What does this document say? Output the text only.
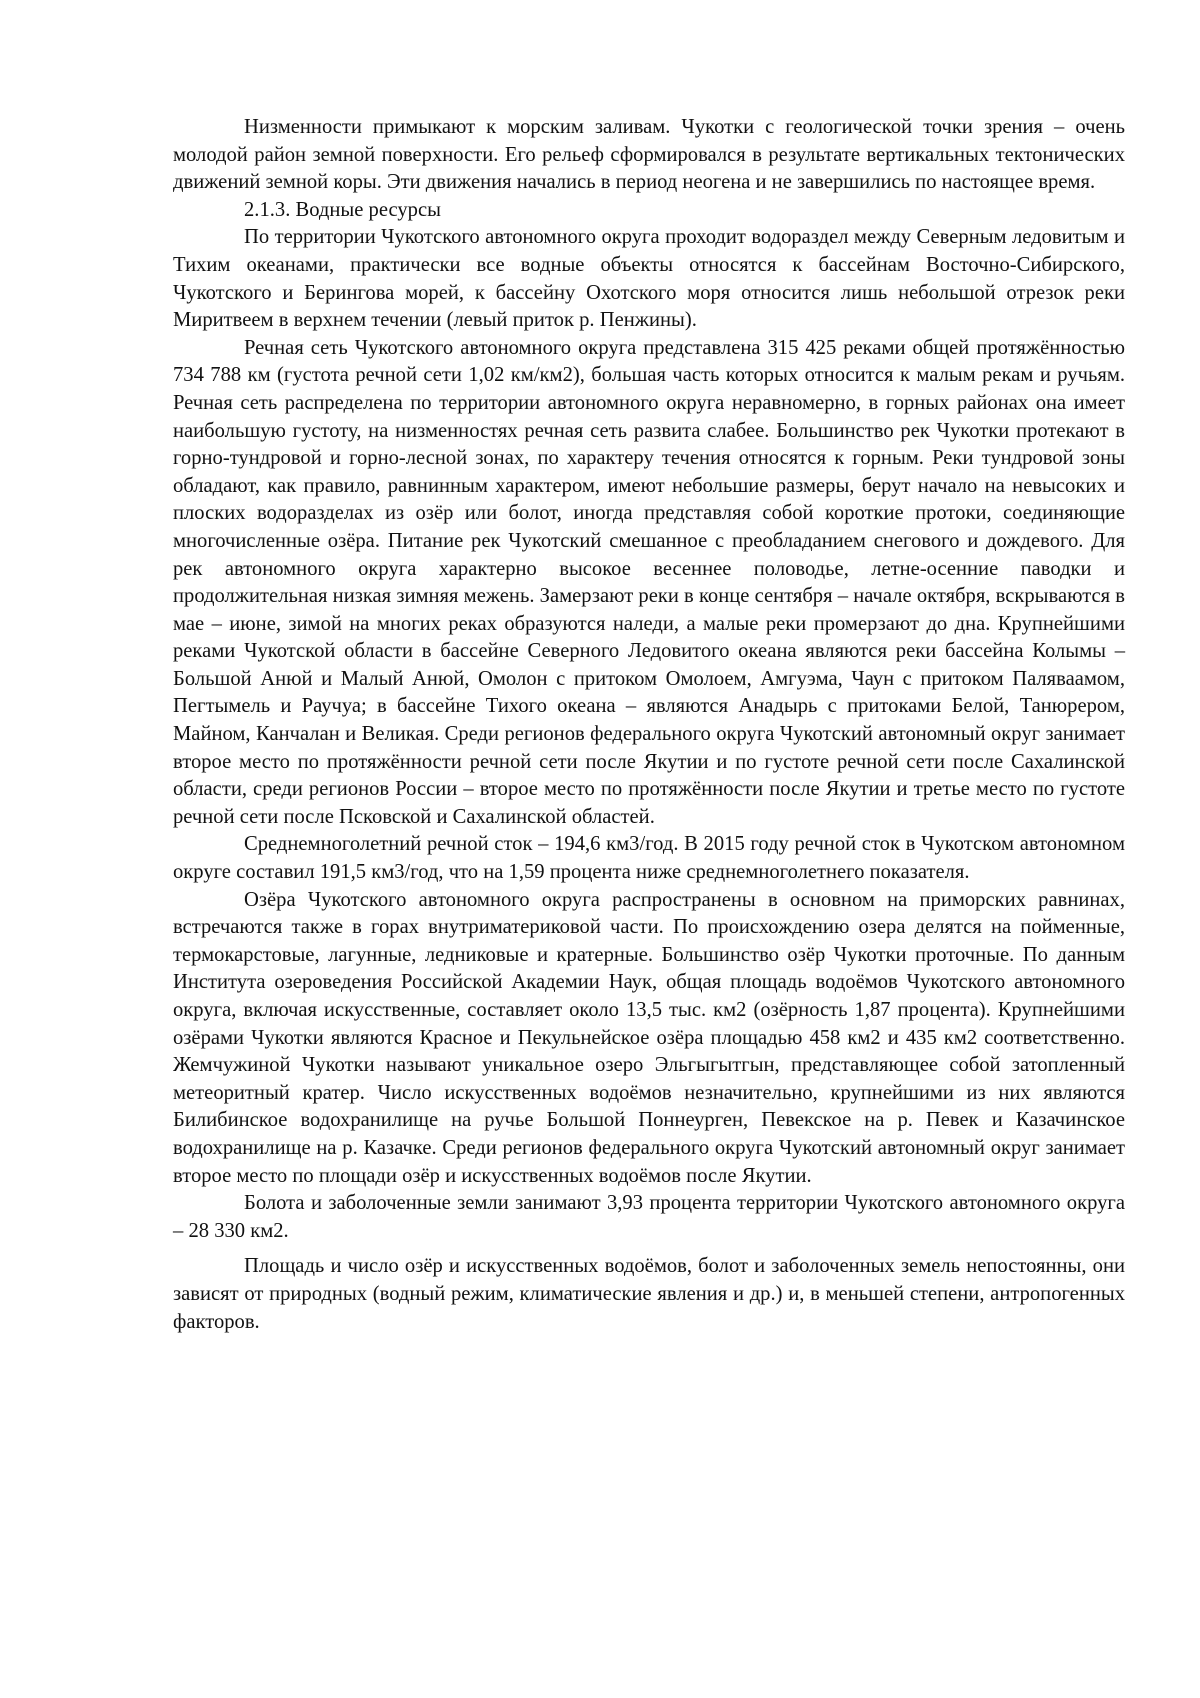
Низменности примыкают к морским заливам. Чукотки с геологической точки зрения – очень молодой район земной поверхности. Его рельеф сформировался в результате вертикальных тектонических движений земной коры. Эти движения начались в период неогена и не завершились по настоящее время.

2.1.3. Водные ресурсы

По территории Чукотского автономного округа проходит водораздел между Северным ледовитым и Тихим океанами, практически все водные объекты относятся к бассейнам Восточно-Сибирского, Чукотского и Берингова морей, к бассейну Охотского моря относится лишь небольшой отрезок реки Миритвеем в верхнем течении (левый приток р. Пенжины).

Речная сеть Чукотского автономного округа представлена 315 425 реками общей протяжённостью 734 788 км (густота речной сети 1,02 км/км2), большая часть которых относится к малым рекам и ручьям. Речная сеть распределена по территории автономного округа неравномерно, в горных районах она имеет наибольшую густоту, на низменностях речная сеть развита слабее. Большинство рек Чукотки протекают в горно-тундровой и горно-лесной зонах, по характеру течения относятся к горным. Реки тундровой зоны обладают, как правило, равнинным характером, имеют небольшие размеры, берут начало на невысоких и плоских водоразделах из озёр или болот, иногда представляя собой короткие протоки, соединяющие многочисленные озёра. Питание рек Чукотский смешанное с преобладанием снегового и дождевого. Для рек автономного округа характерно высокое весеннее половодье, летне-осенние паводки и продолжительная низкая зимняя межень. Замерзают реки в конце сентября – начале октября, вскрываются в мае – июне, зимой на многих реках образуются наледи, а малые реки промерзают до дна. Крупнейшими реками Чукотской области в бассейне Северного Ледовитого океана являются реки бассейна Колымы – Большой Анюй и Малый Анюй, Омолон с притоком Омолоем, Амгуэма, Чаун с притоком Паляваамом, Пегтымель и Раучуа; в бассейне Тихого океана – являются Анадырь с притоками Белой, Танюрером, Майном, Канчалан и Великая. Среди регионов федерального округа Чукотский автономный округ занимает второе место по протяжённости речной сети после Якутии и по густоте речной сети после Сахалинской области, среди регионов России – второе место по протяжённости после Якутии и третье место по густоте речной сети после Псковской и Сахалинской областей.

Среднемноголетний речной сток – 194,6 км3/год. В 2015 году речной сток в Чукотском автономном округе составил 191,5 км3/год, что на 1,59 процента ниже среднемноголетнего показателя.

Озёра Чукотского автономного округа распространены в основном на приморских равнинах, встречаются также в горах внутриматериковой части. По происхождению озера делятся на пойменные, термокарстовые, лагунные, ледниковые и кратерные. Большинство озёр Чукотки проточные. По данным Института озероведения Российской Академии Наук, общая площадь водоёмов Чукотского автономного округа, включая искусственные, составляет около 13,5 тыс. км2 (озёрность 1,87 процента). Крупнейшими озёрами Чукотки являются Красное и Пекульнейское озёра площадью 458 км2 и 435 км2 соответственно. Жемчужиной Чукотки называют уникальное озеро Эльгыгытгын, представляющее собой затопленный метеоритный кратер. Число искусственных водоёмов незначительно, крупнейшими из них являются Билибинское водохранилище на ручье Большой Поннеурген, Певекское на р. Певек и Казачинское водохранилище на р. Казачке. Среди регионов федерального округа Чукотский автономный округ занимает второе место по площади озёр и искусственных водоёмов после Якутии.

Болота и заболоченные земли занимают 3,93 процента территории Чукотского автономного округа – 28 330 км2.

Площадь и число озёр и искусственных водоёмов, болот и заболоченных земель непостоянны, они зависят от природных (водный режим, климатические явления и др.) и, в меньшей степени, антропогенных факторов.
